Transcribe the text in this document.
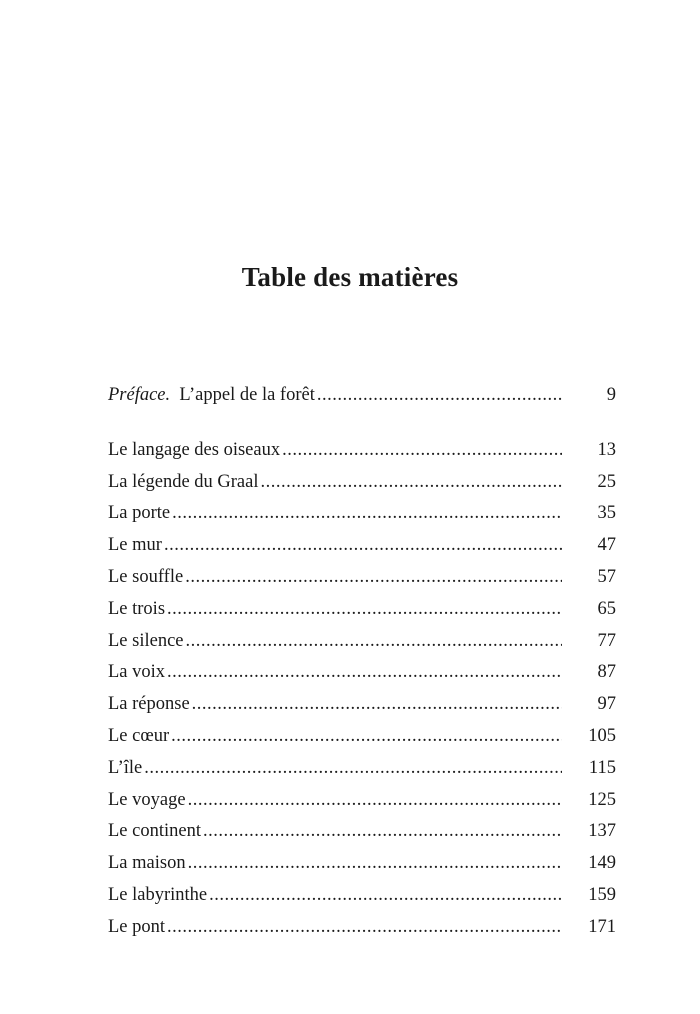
Table des matières
Préface. L’appel de la forêt .....	9
Le langage des oiseaux .....	13
La légende du Graal .....	25
La porte .....	35
Le mur .....	47
Le souffle .....	57
Le trois .....	65
Le silence .....	77
La voix .....	87
La réponse .....	97
Le cœur .....	105
L’île .....	115
Le voyage .....	125
Le continent .....	137
La maison .....	149
Le labyrinthe .....	159
Le pont .....	171
